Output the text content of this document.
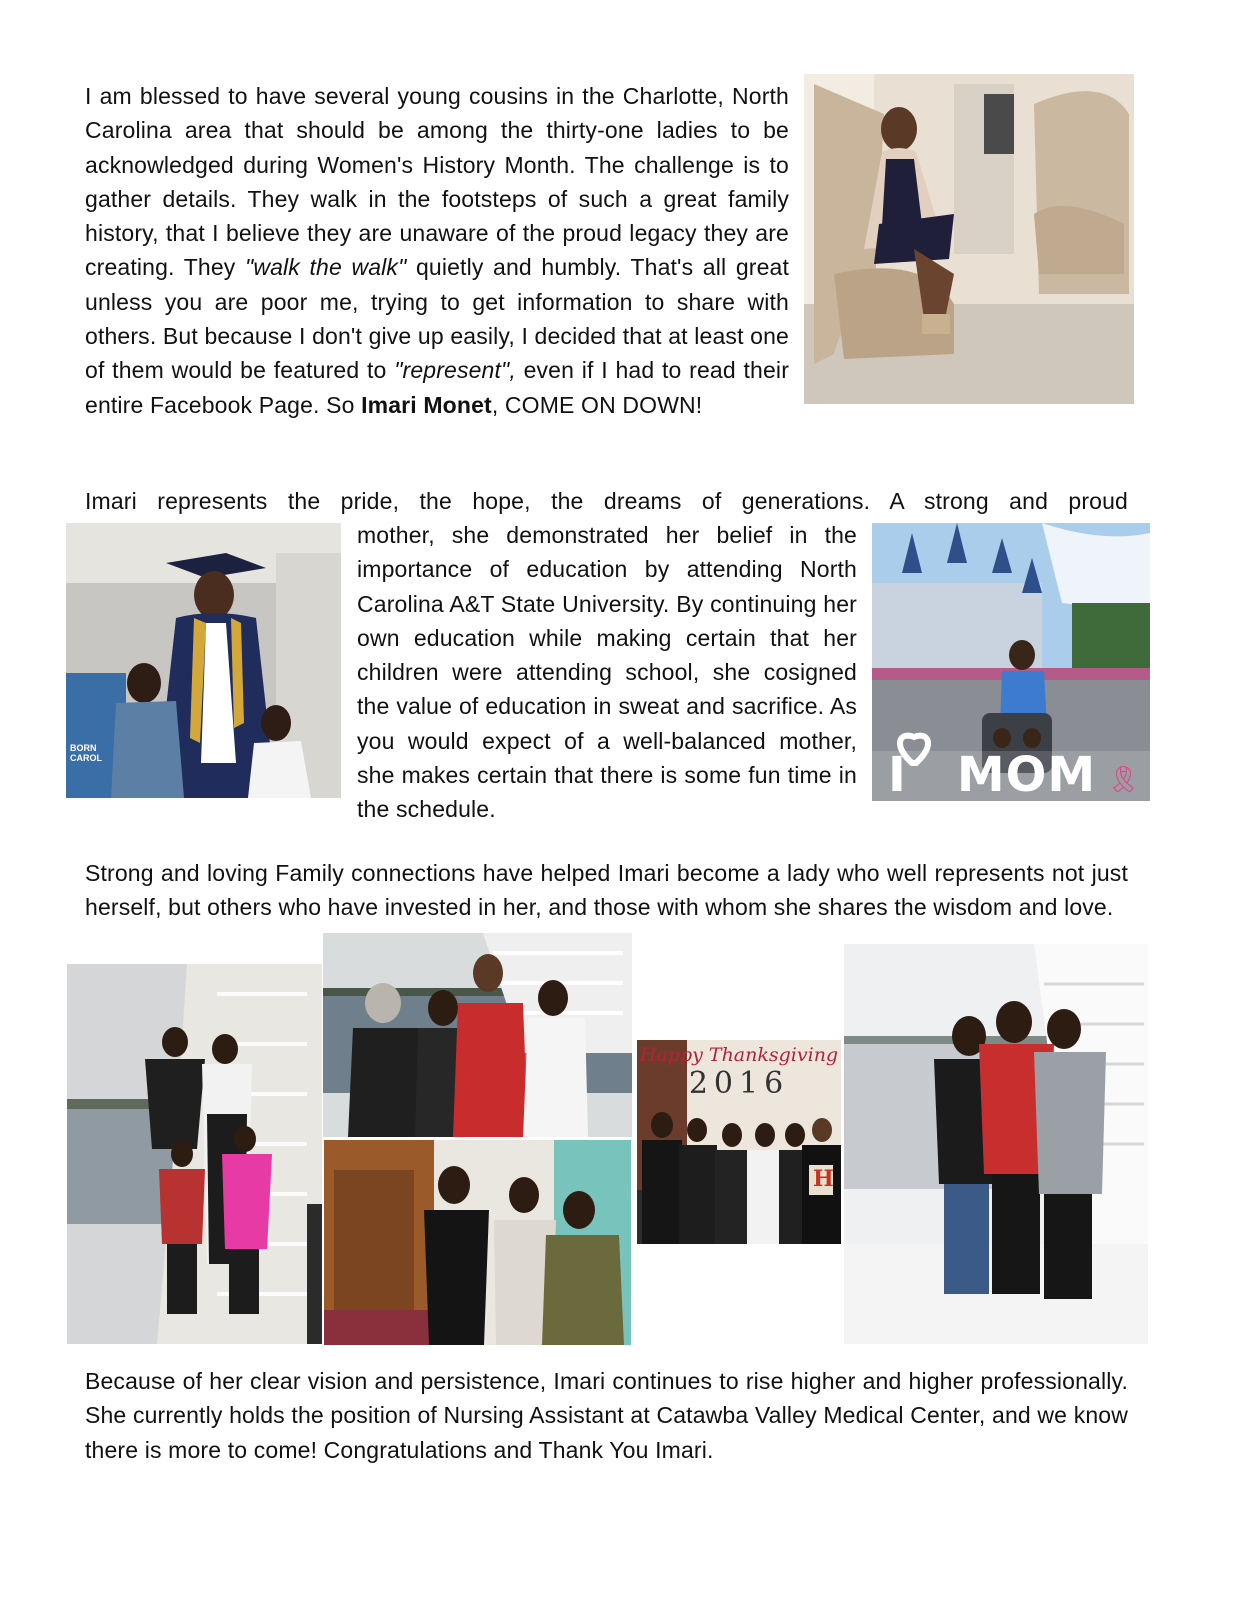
I am blessed to have several young cousins in the Charlotte, North Carolina area that should be among the thirty-one ladies to be acknowledged during Women's History Month. The challenge is to gather details. They walk in the footsteps of such a great family history, that I believe they are unaware of the proud legacy they are creating. They "walk the walk" quietly and humbly. That's all great unless you are poor me, trying to get information to share with others. But because I don't give up easily, I decided that at least one of them would be featured to "represent", even if I had to read their entire Facebook Page. So Imari Monet, COME ON DOWN!

Imari represents the pride, the hope, the dreams of generations. A strong and proud

BORN
CAROL

mother, she demonstrated her belief in the importance of education by attending North Carolina A&T State University. By continuing her own education while making certain that her children were attending school, she cosigned the value of education in sweat and sacrifice. As you would expect of a well-balanced mother, she makes certain that there is some fun time in the schedule.

I MOM 🎗

Strong and loving Family connections have helped Imari become a lady who well represents not just herself, but others who have invested in her, and those with whom she shares the wisdom and love.

Happy Thanksgiving
2016
H

Because of her clear vision and persistence, Imari continues to rise higher and higher professionally. She currently holds the position of Nursing Assistant at Catawba Valley Medical Center, and we know there is more to come! Congratulations and Thank You Imari.
